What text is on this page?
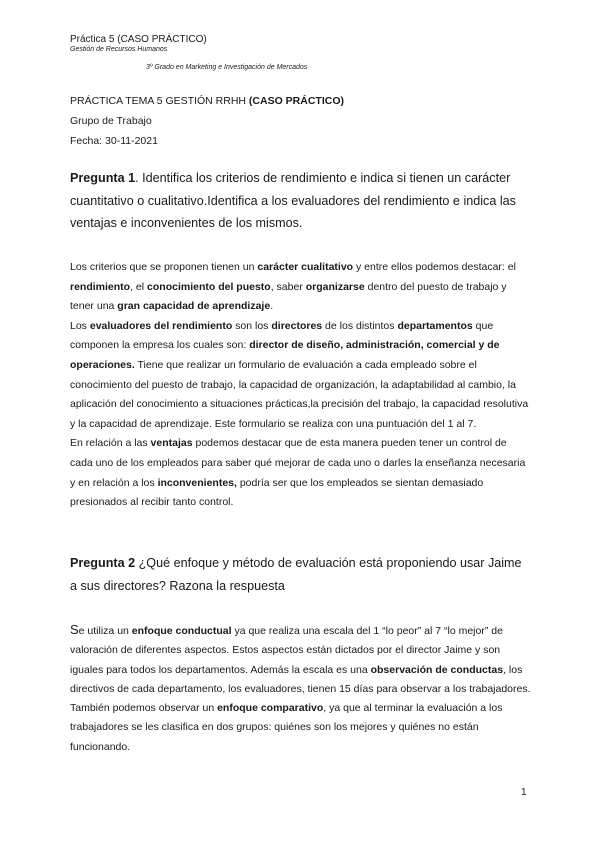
Práctica 5 (CASO PRÁCTICO)
Gestión de Recursos Humanos
3º Grado en Marketing e Investigación de Mercados
PRÁCTICA TEMA 5 GESTIÓN RRHH (CASO PRÁCTICO)
Grupo de Trabajo
Fecha: 30-11-2021

Pregunta 1. Identifica los criterios de rendimiento e indica si tienen un carácter cuantitativo o cualitativo.Identifica a los evaluadores del rendimiento e indica las ventajas e inconvenientes de los mismos.

Los criterios que se proponen tienen un carácter cualitativo y entre ellos podemos destacar: el rendimiento, el conocimiento del puesto, saber organizarse dentro del puesto de trabajo y tener una gran capacidad de aprendizaje.
Los evaluadores del rendimiento son los directores de los distintos departamentos que componen la empresa los cuales son: director de diseño, administración, comercial y de operaciones. Tiene que realizar un formulario de evaluación a cada empleado sobre el conocimiento del puesto de trabajo, la capacidad de organización, la adaptabilidad al cambio, la aplicación del conocimiento a situaciones prácticas,la precisión del trabajo, la capacidad resolutiva y la capacidad de aprendizaje. Este formulario se realiza con una puntuación del 1 al 7.
En relación a las ventajas podemos destacar que de esta manera pueden tener un control de cada uno de los empleados para saber qué mejorar de cada uno o darles la enseñanza necesaria y en relación a los inconvenientes, podría ser que los empleados se sientan demasiado presionados al recibir tanto control.

Pregunta 2 ¿Qué enfoque y método de evaluación está proponiendo usar Jaime a sus directores? Razona la respuesta

Se utiliza un enfoque conductual ya que realiza una escala del 1 “lo peor” al 7 “lo mejor” de valoración de diferentes aspectos. Estos aspectos están dictados por el director Jaime y son iguales para todos los departamentos. Además la escala es una observación de conductas, los directivos de cada departamento, los evaluadores, tienen 15 días para observar a los trabajadores. También podemos observar un enfoque comparativo, ya que al terminar la evaluación a los trabajadores se les clasifica en dos grupos: quiénes son los mejores y quiénes no están funcionando.

1
